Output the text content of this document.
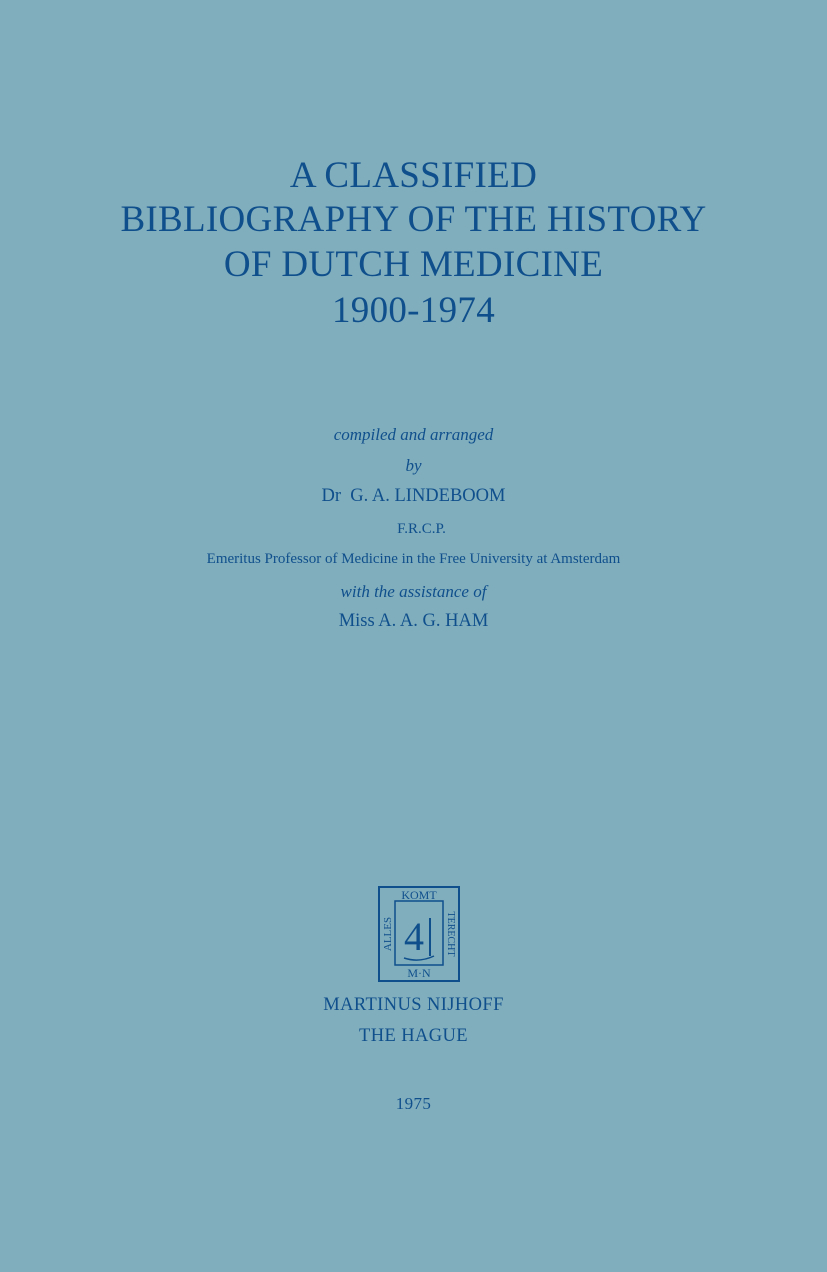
A CLASSIFIED
BIBLIOGRAPHY OF THE HISTORY
OF DUTCH MEDICINE
1900-1974
compiled and arranged
by
Dr  G. A. LINDEBOOM
F.R.C.P.
Emeritus Professor of Medicine in the Free University at Amsterdam
with the assistance of
Miss A. A. G. HAM
KOMT
M·N
ALLES	TERECHT
4
MARTINUS NIJHOFF
THE HAGUE
1975
